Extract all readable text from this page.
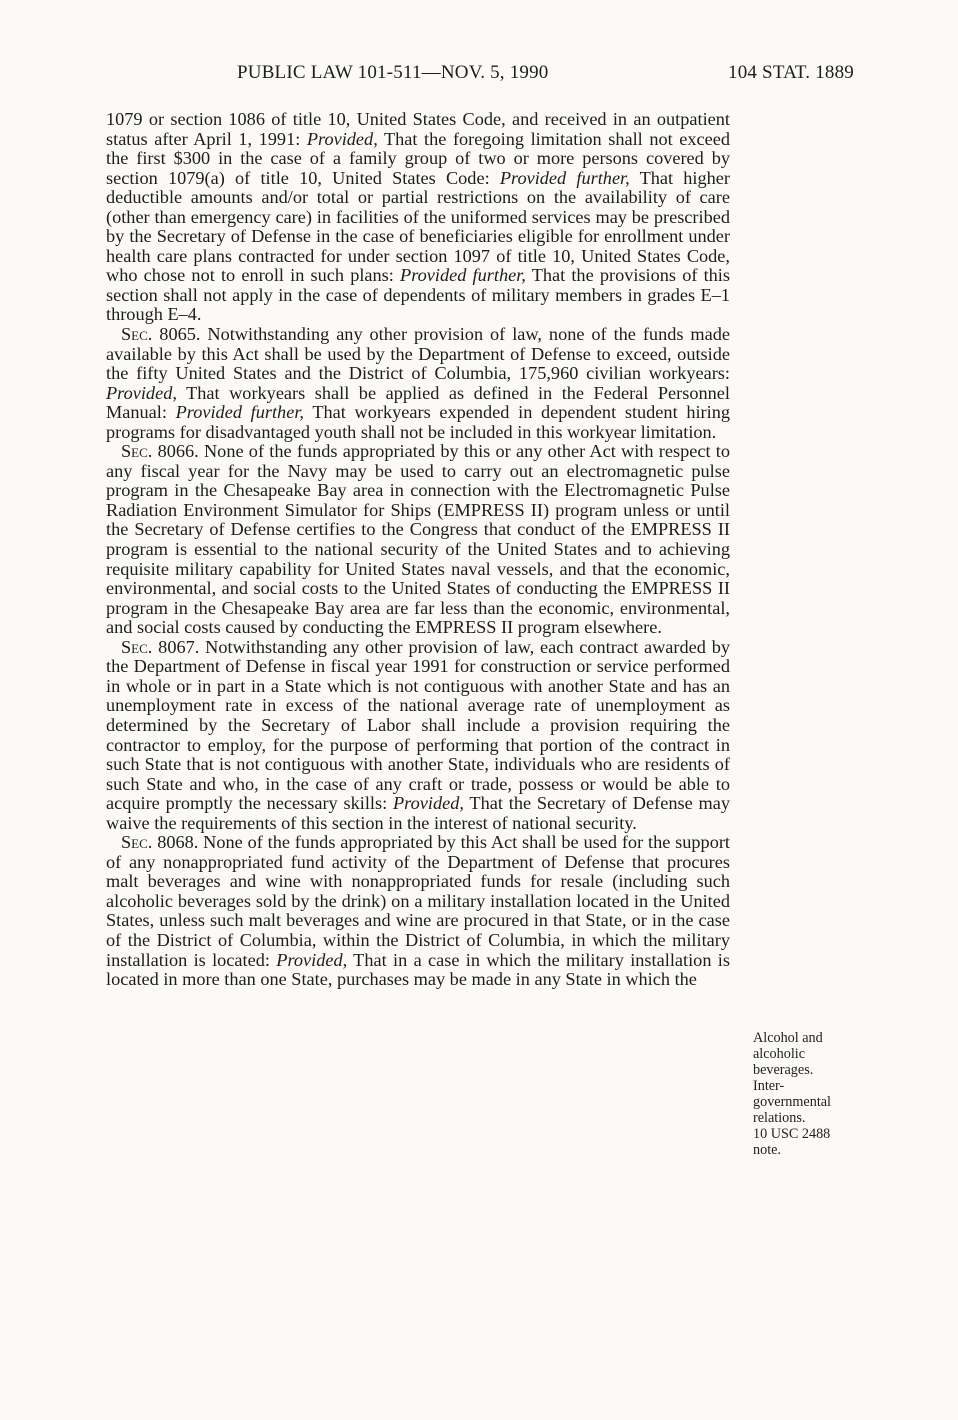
PUBLIC LAW 101-511—NOV. 5, 1990	104 STAT. 1889

1079 or section 1086 of title 10, United States Code, and received in an outpatient status after April 1, 1991: Provided, That the foregoing limitation shall not exceed the first $300 in the case of a family group of two or more persons covered by section 1079(a) of title 10, United States Code: Provided further, That higher deductible amounts and/or total or partial restrictions on the availability of care (other than emergency care) in facilities of the uniformed services may be prescribed by the Secretary of Defense in the case of beneficiaries eligible for enrollment under health care plans contracted for under section 1097 of title 10, United States Code, who chose not to enroll in such plans: Provided further, That the provisions of this section shall not apply in the case of dependents of military members in grades E–1 through E–4.

Sec. 8065. Notwithstanding any other provision of law, none of the funds made available by this Act shall be used by the Department of Defense to exceed, outside the fifty United States and the District of Columbia, 175,960 civilian workyears: Provided, That workyears shall be applied as defined in the Federal Personnel Manual: Provided further, That workyears expended in dependent student hiring programs for disadvantaged youth shall not be included in this workyear limitation.

Sec. 8066. None of the funds appropriated by this or any other Act with respect to any fiscal year for the Navy may be used to carry out an electromagnetic pulse program in the Chesapeake Bay area in connection with the Electromagnetic Pulse Radiation Environment Simulator for Ships (EMPRESS II) program unless or until the Secretary of Defense certifies to the Congress that conduct of the EMPRESS II program is essential to the national security of the United States and to achieving requisite military capability for United States naval vessels, and that the economic, environmental, and social costs to the United States of conducting the EMPRESS II program in the Chesapeake Bay area are far less than the economic, environmental, and social costs caused by conducting the EMPRESS II program elsewhere.

Sec. 8067. Notwithstanding any other provision of law, each contract awarded by the Department of Defense in fiscal year 1991 for construction or service performed in whole or in part in a State which is not contiguous with another State and has an unemployment rate in excess of the national average rate of unemployment as determined by the Secretary of Labor shall include a provision requiring the contractor to employ, for the purpose of performing that portion of the contract in such State that is not contiguous with another State, individuals who are residents of such State and who, in the case of any craft or trade, possess or would be able to acquire promptly the necessary skills: Provided, That the Secretary of Defense may waive the requirements of this section in the interest of national security.

Sec. 8068. None of the funds appropriated by this Act shall be used for the support of any nonappropriated fund activity of the Department of Defense that procures malt beverages and wine with nonappropriated funds for resale (including such alcoholic beverages sold by the drink) on a military installation located in the United States, unless such malt beverages and wine are procured in that State, or in the case of the District of Columbia, within the District of Columbia, in which the military installation is located: Provided, That in a case in which the military installation is located in more than one State, purchases may be made in any State in which the

Alcohol and
alcoholic
beverages.
Inter-
governmental
relations.
10 USC 2488
note.
